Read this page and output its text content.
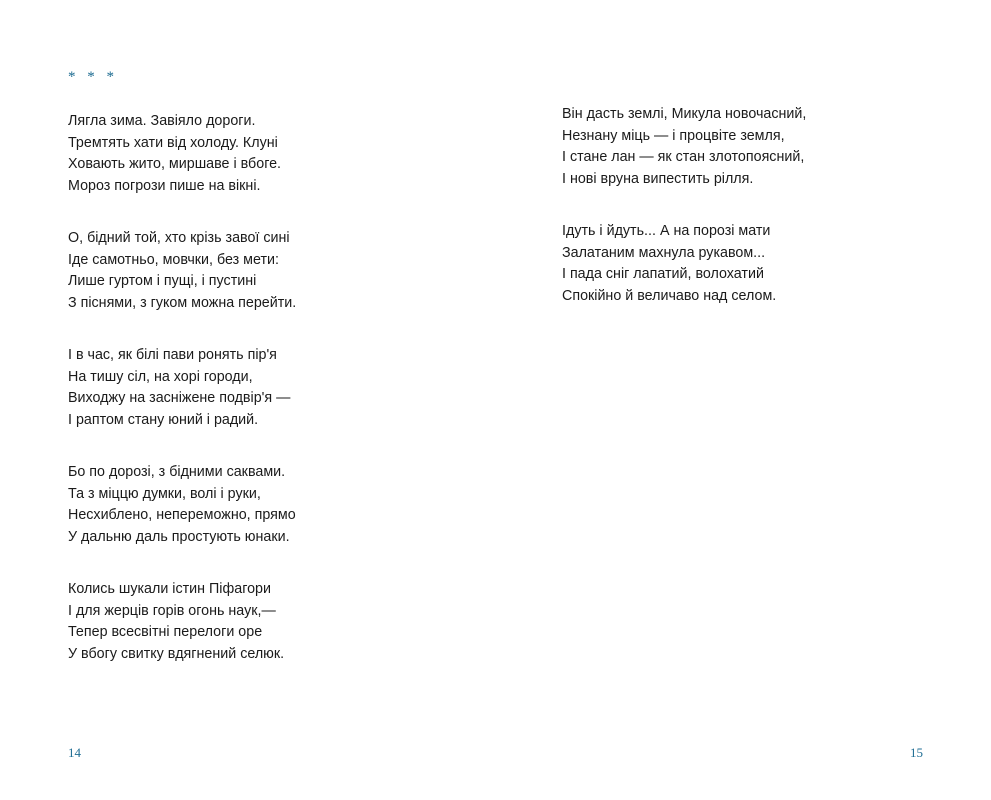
* * *
Лягла зима. Завіяло дороги.
Тремтять хати від холоду. Клуні
Ховають жито, миршаве і вбоге.
Мороз погрози пише на вікні.
О, бідний той, хто крізь завої сині
Іде самотньо, мовчки, без мети:
Лише гуртом і пущі, і пустині
З піснями, з гуком можна перейти.
І в час, як білі пави ронять пір'я
На тишу сіл, на хорі городи,
Виходжу на засніжене подвір'я —
І раптом стану юний і радий.
Бо по дорозі, з бідними саквами.
Та з міццю думки, волі і руки,
Несхиблено, непереможно, прямо
У дальню даль простують юнаки.
Колись шукали істин Піфагори
І для жерців горів огонь наук,—
Тепер всесвітні перелоги оре
У вбогу свитку вдягнений селюк.
14
Він дасть землі, Микула новочасний,
Незнану міць — і процвіте земля,
І стане лан — як стан злотопоясний,
І нові вруна випестить рілля.
Ідуть і йдуть... А на порозі мати
Залатаним махнула рукавом...
І пада сніг лапатий, волохатий
Спокійно й величаво над селом.
15
